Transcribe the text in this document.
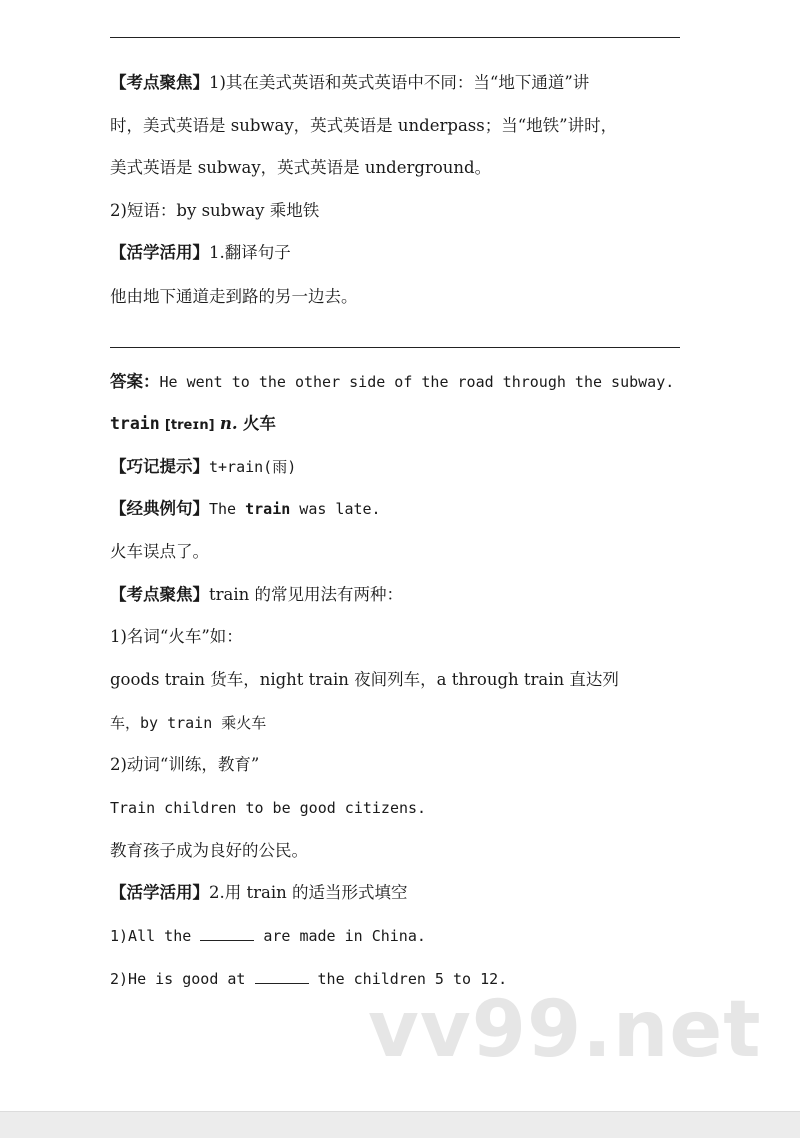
【考点聚焦】1)其在美式英语和英式英语中不同：当“地下通道”讲
时，美式英语是 subway，英式英语是 underpass；当“地铁”讲时，
美式英语是 subway，英式英语是 underground。
2)短语：by subway 乘地铁
【活学活用】1.翻译句子
他由地下通道走到路的另一边去。
答案：He went to the other side of the road through the subway.
train [treɪn] n. 火车
【巧记提示】t+rain(雨)
【经典例句】The train was late.
火车误点了。
【考点聚焦】train 的常见用法有两种：
1)名词“火车”如：
goods train 货车，night train 夜间列车，a through train 直达列
车，by train 乘火车
2)动词“训练，教育”
Train children to be good citizens.
教育孩子成为良好的公民。
【活学活用】2.用 train 的适当形式填空
1)All the	are made in China.
2)He is good at	the children 5 to 12.
vv99.net
